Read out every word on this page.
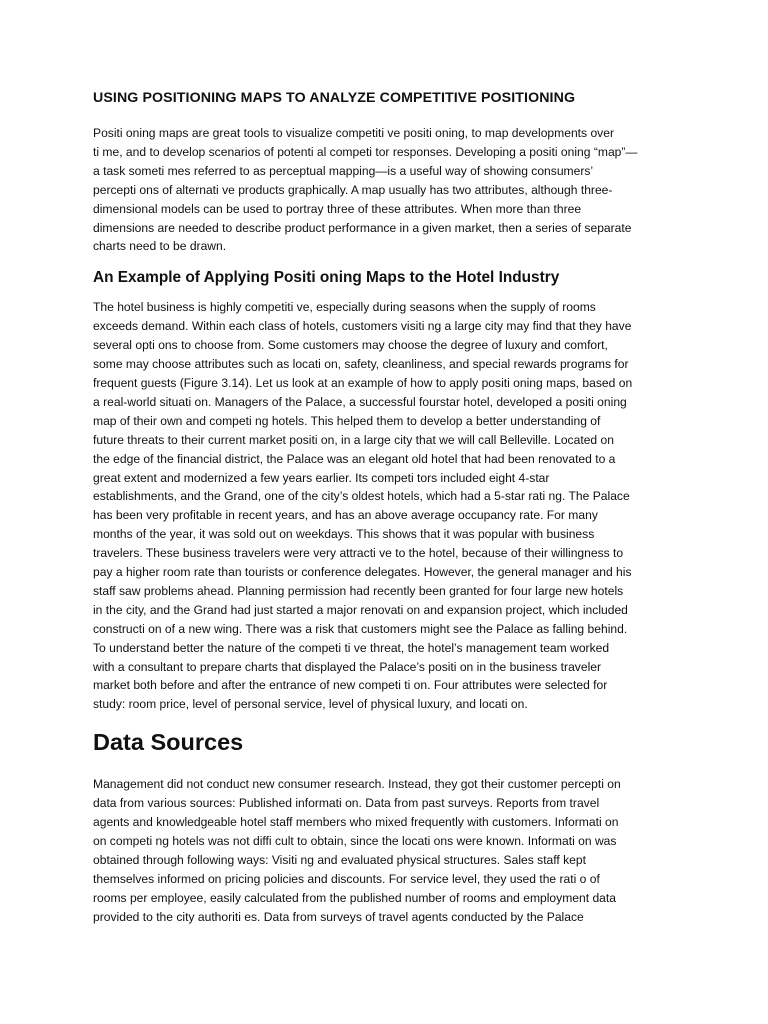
USING POSITIONING MAPS TO ANALYZE COMPETITIVE POSITIONING
Positi oning maps are great tools to visualize competiti ve positi oning, to map developments over
ti me, and to develop scenarios of potenti al competi tor responses. Developing a positi oning “map”—
a task someti mes referred to as perceptual mapping—is a useful way of showing consumers’
percepti ons of alternati ve products graphically. A map usually has two attributes, although three-
dimensional models can be used to portray three of these attributes. When more than three
dimensions are needed to describe product performance in a given market, then a series of separate
charts need to be drawn.
An Example of Applying Positi oning Maps to the Hotel Industry
The hotel business is highly competiti ve, especially during seasons when the supply of rooms
exceeds demand. Within each class of hotels, customers visiti ng a large city may find that they have
several opti ons to choose from. Some customers may choose the degree of luxury and comfort,
some may choose attributes such as locati on, safety, cleanliness, and special rewards programs for
frequent guests (Figure 3.14). Let us look at an example of how to apply positi oning maps, based on
a real-world situati on. Managers of the Palace, a successful fourstar hotel, developed a positi oning
map of their own and competi ng hotels. This helped them to develop a better understanding of
future threats to their current market positi on, in a large city that we will call Belleville. Located on
the edge of the financial district, the Palace was an elegant old hotel that had been renovated to a
great extent and modernized a few years earlier. Its competi tors included eight 4-star
establishments, and the Grand, one of the city’s oldest hotels, which had a 5-star rati ng. The Palace
has been very profitable in recent years, and has an above average occupancy rate. For many
months of the year, it was sold out on weekdays. This shows that it was popular with business
travelers. These business travelers were very attracti ve to the hotel, because of their willingness to
pay a higher room rate than tourists or conference delegates. However, the general manager and his
staff saw problems ahead. Planning permission had recently been granted for four large new hotels
in the city, and the Grand had just started a major renovati on and expansion project, which included
constructi on of a new wing. There was a risk that customers might see the Palace as falling behind.
To understand better the nature of the competi ti ve threat, the hotel’s management team worked
with a consultant to prepare charts that displayed the Palace’s positi on in the business traveler
market both before and after the entrance of new competi ti on. Four attributes were selected for
study: room price, level of personal service, level of physical luxury, and locati on.
Data Sources
Management did not conduct new consumer research. Instead, they got their customer percepti on
data from various sources: Published informati on. Data from past surveys. Reports from travel
agents and knowledgeable hotel staff members who mixed frequently with customers. Informati on
on competi ng hotels was not diffi cult to obtain, since the locati ons were known. Informati on was
obtained through following ways: Visiti ng and evaluated physical structures. Sales staff kept
themselves informed on pricing policies and discounts. For service level, they used the rati o of
rooms per employee, easily calculated from the published number of rooms and employment data
provided to the city authoriti es. Data from surveys of travel agents conducted by the Palace
